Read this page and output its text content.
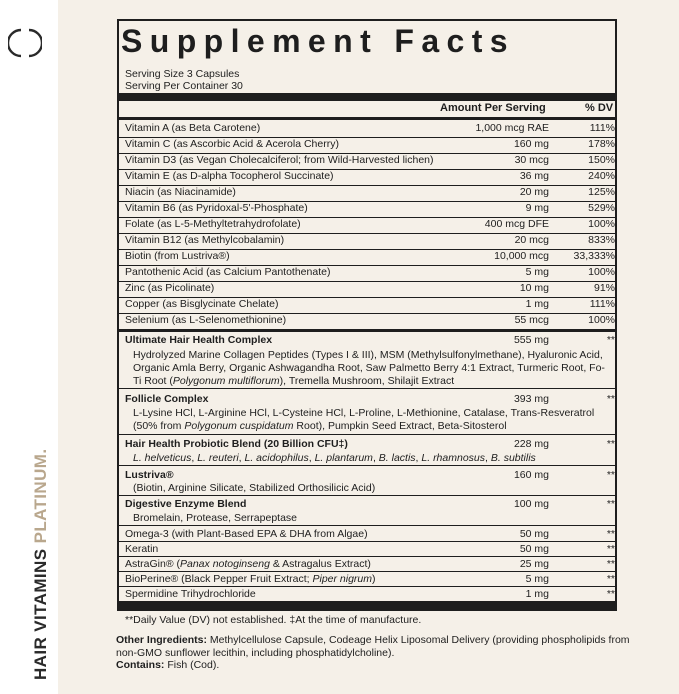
HAIR VITAMINS PLATINUM.
Supplement Facts
Serving Size 3 Capsules
Serving Per Container 30
Amount Per Serving	% DV
Vitamin A (as Beta Carotene)	1,000 mcg RAE	111%
Vitamin C (as Ascorbic Acid & Acerola Cherry)	160 mg	178%
Vitamin D3 (as Vegan Cholecalciferol; from Wild-Harvested lichen)	30 mcg	150%
Vitamin E (as D-alpha Tocopherol Succinate)	36 mg	240%
Niacin (as Niacinamide)	20 mg	125%
Vitamin B6 (as Pyridoxal-5'-Phosphate)	9 mg	529%
Folate (as L-5-Methyltetrahydrofolate)	400 mcg DFE	100%
Vitamin B12 (as Methylcobalamin)	20 mcg	833%
Biotin (from Lustriva®)	10,000 mcg	33,333%
Pantothenic Acid (as Calcium Pantothenate)	5 mg	100%
Zinc (as Picolinate)	10 mg	91%
Copper (as Bisglycinate Chelate)	1 mg	111%
Selenium (as L-Selenomethionine)	55 mcg	100%
Ultimate Hair Health Complex	555 mg	**
Hydrolyzed Marine Collagen Peptides (Types I & III), MSM (Methylsulfonylmethane), Hyaluronic Acid, Organic Amla Berry, Organic Ashwagandha Root, Saw Palmetto Berry 4:1 Extract, Turmeric Root, Fo-Ti Root (Polygonum multiflorum), Tremella Mushroom, Shilajit Extract
Follicle Complex	393 mg	**
L-Lysine HCl, L-Arginine HCl, L-Cysteine HCl, L-Proline, L-Methionine, Catalase, Trans-Resveratrol (50% from Polygonum cuspidatum Root), Pumpkin Seed Extract, Beta-Sitosterol
Hair Health Probiotic Blend (20 Billion CFU‡)	228 mg	**
L. helveticus, L. reuteri, L. acidophilus, L. plantarum, B. lactis, L. rhamnosus, B. subtilis
Lustriva®	160 mg	**
(Biotin, Arginine Silicate, Stabilized Orthosilicic Acid)
Digestive Enzyme Blend	100 mg	**
Bromelain, Protease, Serrapeptase
Omega-3 (with Plant-Based EPA & DHA from Algae)	50 mg	**
Keratin	50 mg	**
AstraGin® (Panax notoginseng & Astragalus Extract)	25 mg	**
BioPerine® (Black Pepper Fruit Extract; Piper nigrum)	5 mg	**
Spermidine Trihydrochloride	1 mg	**
**Daily Value (DV) not established. ‡At the time of manufacture.
Other Ingredients: Methylcellulose Capsule, Codeage Helix Liposomal Delivery (providing phospholipids from non-GMO sunflower lecithin, including phosphatidylcholine).
Contains: Fish (Cod).
